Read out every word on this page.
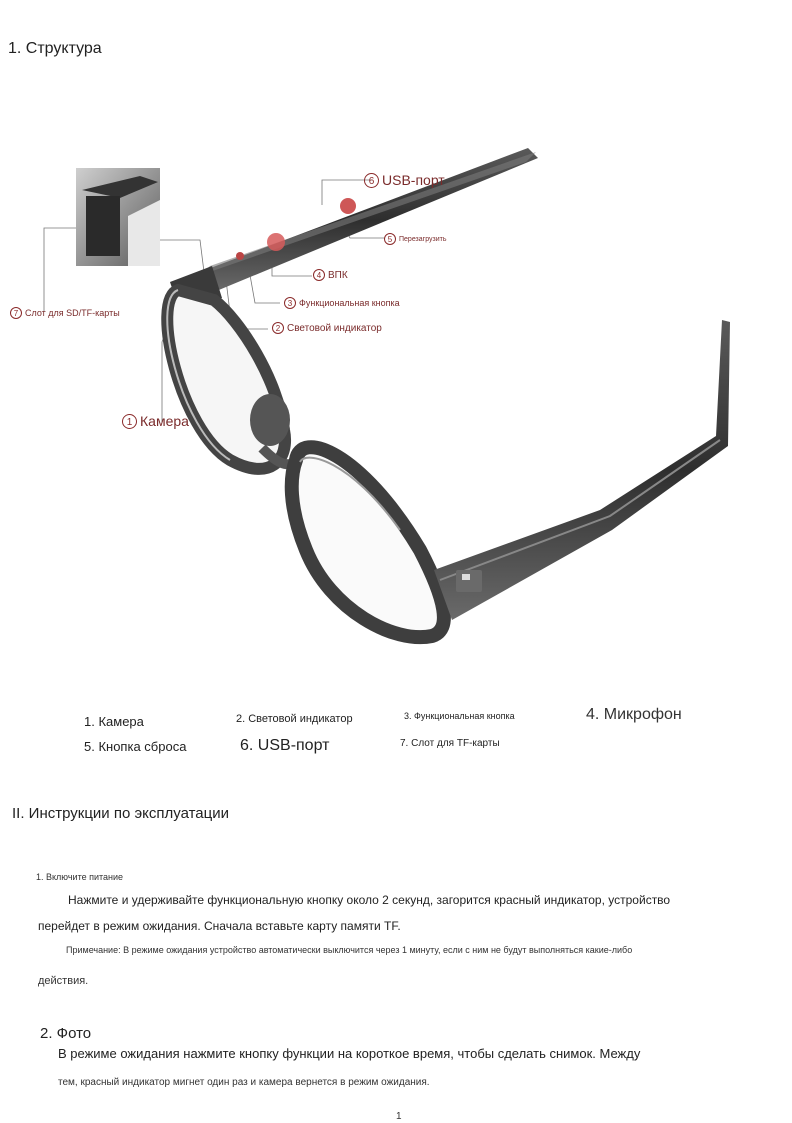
1. Структура
6 USB-порт
5 Перезагрузить
4 ВПК
3 Функциональная кнопка
2 Световой индикатор
7 Слот для SD/TF-карты
1 Камера
1. Камера	2. Световой индикатор	3. Функциональная кнопка	4. Микрофон
5. Кнопка сброса	6. USB-порт	7. Слот для TF-карты
II. Инструкции по эксплуатации
1. Включите питание
Нажмите и удерживайте функциональную кнопку около 2 секунд, загорится красный индикатор, устройство
перейдет в режим ожидания. Сначала вставьте карту памяти TF.
Примечание: В режиме ожидания устройство автоматически выключится через 1 минуту, если с ним не будут выполняться какие-либо
действия.
2. Фото
В режиме ожидания нажмите кнопку функции на короткое время, чтобы сделать снимок. Между
тем, красный индикатор мигнет один раз и камера вернется в режим ожидания.
1
